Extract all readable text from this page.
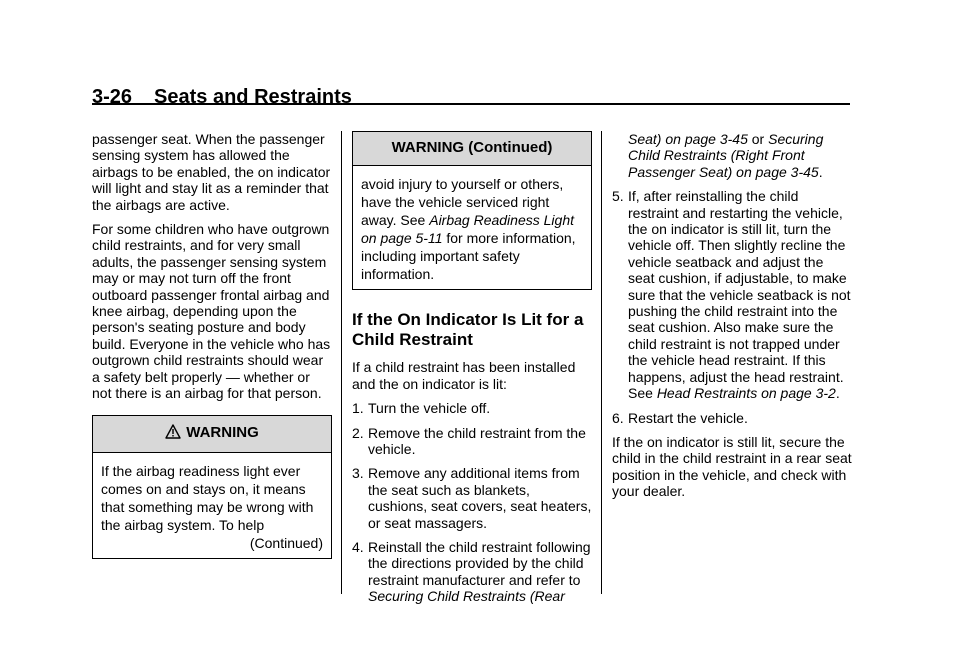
3-26 Seats and Restraints

passenger seat. When the passenger sensing system has allowed the airbags to be enabled, the on indicator will light and stay lit as a reminder that the airbags are active.

For some children who have outgrown child restraints, and for very small adults, the passenger sensing system may or may not turn off the front outboard passenger frontal airbag and knee airbag, depending upon the person's seating posture and body build. Everyone in the vehicle who has outgrown child restraints should wear a safety belt properly — whether or not there is an airbag for that person.

WARNING

If the airbag readiness light ever comes on and stays on, it means that something may be wrong with the airbag system. To help

(Continued)

WARNING (Continued)

avoid injury to yourself or others, have the vehicle serviced right away. See Airbag Readiness Light on page 5-11 for more information, including important safety information.

If the On Indicator Is Lit for a Child Restraint

If a child restraint has been installed and the on indicator is lit:

1. Turn the vehicle off.
2. Remove the child restraint from the vehicle.
3. Remove any additional items from the seat such as blankets, cushions, seat covers, seat heaters, or seat massagers.
4. Reinstall the child restraint following the directions provided by the child restraint manufacturer and refer to Securing Child Restraints (Rear

Seat) on page 3-45 or Securing Child Restraints (Right Front Passenger Seat) on page 3-45.

5. If, after reinstalling the child restraint and restarting the vehicle, the on indicator is still lit, turn the vehicle off. Then slightly recline the vehicle seatback and adjust the seat cushion, if adjustable, to make sure that the vehicle seatback is not pushing the child restraint into the seat cushion. Also make sure the child restraint is not trapped under the vehicle head restraint. If this happens, adjust the head restraint. See Head Restraints on page 3-2.
6. Restart the vehicle.

If the on indicator is still lit, secure the child in the child restraint in a rear seat position in the vehicle, and check with your dealer.
